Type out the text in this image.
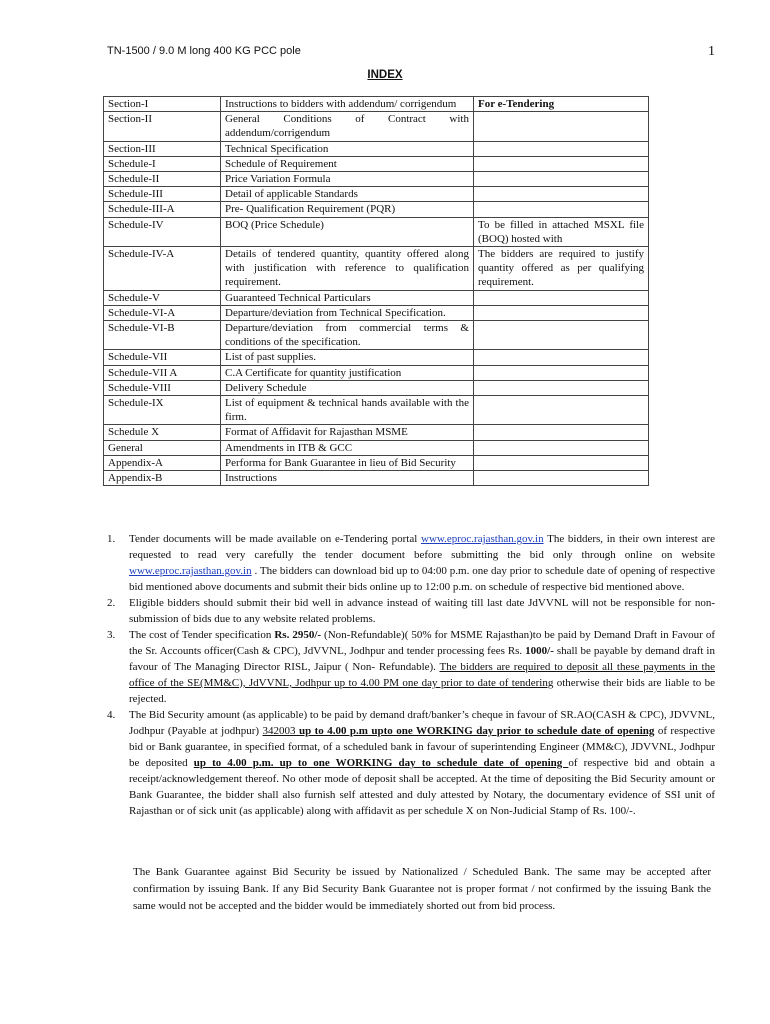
TN-1500 / 9.0 M long 400 KG PCC pole	1
INDEX
Section-I	Instructions to bidders with addendum/ corrigendum	For e-Tendering
Section-II	General Conditions of Contract with addendum/corrigendum	
Section-III	Technical Specification	
Schedule-I	Schedule of Requirement	
Schedule-II	Price Variation Formula	
Schedule-III	Detail of applicable Standards	
Schedule-III-A	Pre- Qualification Requirement (PQR)	
Schedule-IV	BOQ (Price Schedule)	To be filled in attached MSXL file (BOQ) hosted with
Schedule-IV-A	Details of tendered quantity, quantity offered along with justification with reference to qualification requirement.	The bidders are required to justify quantity offered as per qualifying requirement.
Schedule-V	Guaranteed Technical Particulars	
Schedule-VI-A	Departure/deviation from Technical Specification.	
Schedule-VI-B	Departure/deviation from commercial terms & conditions of the specification.	
Schedule-VII	List of past supplies.	
Schedule-VII A	C.A Certificate for quantity justification	
Schedule-VIII	Delivery Schedule	
Schedule-IX	List of equipment & technical hands available with the firm.	
Schedule X	Format of Affidavit for Rajasthan MSME	
General	Amendments in ITB & GCC	
Appendix-A	Performa for Bank Guarantee in lieu of Bid Security	
Appendix-B	Instructions	
1. Tender documents will be made available on e-Tendering portal www.eproc.rajasthan.gov.in The bidders, in their own interest are requested to read very carefully the tender document before submitting the bid only through online on website www.eproc.rajasthan.gov.in . The bidders can download bid up to 04:00 p.m. one day prior to schedule date of opening of respective bid mentioned above documents and submit their bids online up to 12:00 p.m. on schedule of respective bid mentioned above.
2. Eligible bidders should submit their bid well in advance instead of waiting till last date JdVVNL will not be responsible for non-submission of bids due to any website related problems.
3. The cost of Tender specification Rs. 2950/- (Non-Refundable)( 50% for MSME Rajasthan)to be paid by Demand Draft in Favour of the Sr. Accounts officer(Cash & CPC), JdVVNL, Jodhpur and tender processing fees Rs. 1000/- shall be payable by demand draft in favour of The Managing Director RISL, Jaipur ( Non- Refundable). The bidders are required to deposit all these payments in the office of the SE(MM&C), JdVVNL, Jodhpur up to 4.00 PM one day prior to date of tendering otherwise their bids are liable to be rejected.
4. The Bid Security amount (as applicable) to be paid by demand draft/banker’s cheque in favour of SR.AO(CASH & CPC), JDVVNL, Jodhpur (Payable at jodhpur) 342003 up to 4.00 p.m upto one WORKING day prior to schedule date of opening of respective bid or Bank guarantee, in specified format, of a scheduled bank in favour of superintending Engineer (MM&C), JDVVNL, Jodhpur be deposited up to 4.00 p.m. up to one WORKING day to schedule date of opening of respective bid and obtain a receipt/acknowledgement thereof. No other mode of deposit shall be accepted. At the time of depositing the Bid Security amount or Bank Guarantee, the bidder shall also furnish self attested and duly attested by Notary, the documentary evidence of SSI unit of Rajasthan or of sick unit (as applicable) along with affidavit as per schedule X on Non-Judicial Stamp of Rs. 100/-.

The Bank Guarantee against Bid Security be issued by Nationalized / Scheduled Bank. The same may be accepted after confirmation by issuing Bank. If any Bid Security Bank Guarantee not is proper format / not confirmed by the issuing Bank the same would not be accepted and the bidder would be immediately shorted out from bid process.
